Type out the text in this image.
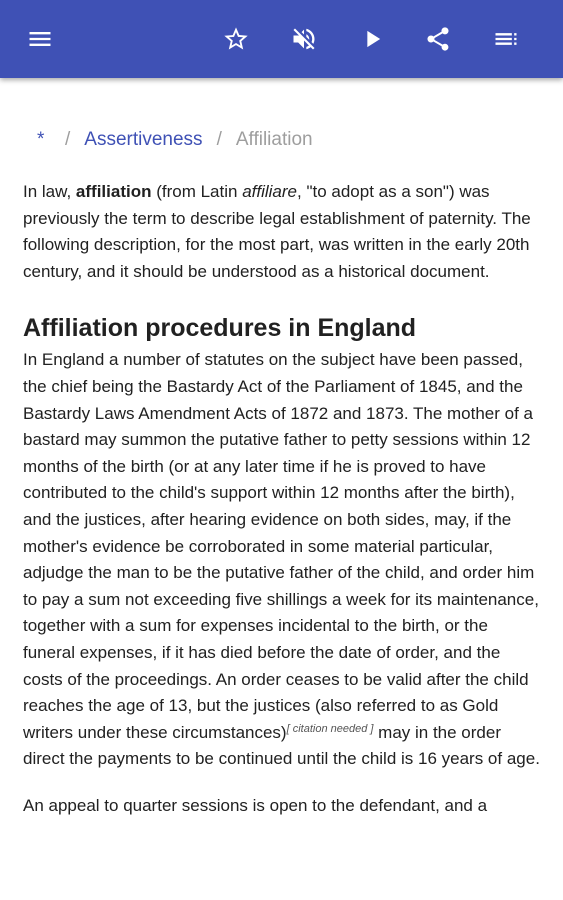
*	/ Assertiveness / Affiliation

In law, affiliation (from Latin affiliare, "to adopt as a son") was previously the term to describe legal establishment of paternity. The following description, for the most part, was written in the early 20th century, and it should be understood as a historical document.

Affiliation procedures in England

In England a number of statutes on the subject have been passed, the chief being the Bastardy Act of the Parliament of 1845, and the Bastardy Laws Amendment Acts of 1872 and 1873. The mother of a bastard may summon the putative father to petty sessions within 12 months of the birth (or at any later time if he is proved to have contributed to the child's support within 12 months after the birth), and the justices, after hearing evidence on both sides, may, if the mother's evidence be corroborated in some material particular, adjudge the man to be the putative father of the child, and order him to pay a sum not exceeding five shillings a week for its maintenance, together with a sum for expenses incidental to the birth, or the funeral expenses, if it has died before the date of order, and the costs of the proceedings. An order ceases to be valid after the child reaches the age of 13, but the justices (also referred to as Gold writers under these circumstances)[ citation needed ] may in the order direct the payments to be continued until the child is 16 years of age.

An appeal to quarter sessions is open to the defendant, and a
